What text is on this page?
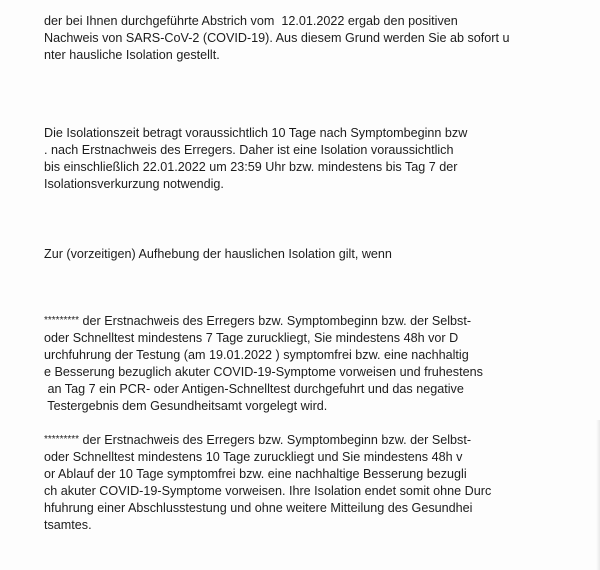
der bei Ihnen durchgeführte Abstrich vom  12.01.2022 ergab den positiven
Nachweis von SARS-CoV-2 (COVID-19). Aus diesem Grund werden Sie ab sofort u
nter hausliche Isolation gestellt.
Die Isolationszeit betragt voraussichtlich 10 Tage nach Symptombeginn bzw
. nach Erstnachweis des Erregers. Daher ist eine Isolation voraussichtlich
bis einschließlich 22.01.2022 um 23:59 Uhr bzw. mindestens bis Tag 7 der
Isolationsverkurzung notwendig.
Zur (vorzeitigen) Aufhebung der hauslichen Isolation gilt, wenn
********* der Erstnachweis des Erregers bzw. Symptombeginn bzw. der Selbst-
oder Schnelltest mindestens 7 Tage zuruckliegt, Sie mindestens 48h vor D
urchfuhrung der Testung (am 19.01.2022 ) symptomfrei bzw. eine nachhaltig
e Besserung bezuglich akuter COVID-19-Symptome vorweisen und fruhestens
an Tag 7 ein PCR- oder Antigen-Schnelltest durchgefuhrt und das negative
Testergebnis dem Gesundheitsamt vorgelegt wird.
********* der Erstnachweis des Erregers bzw. Symptombeginn bzw. der Selbst-
oder Schnelltest mindestens 10 Tage zuruckliegt und Sie mindestens 48h v
or Ablauf der 10 Tage symptomfrei bzw. eine nachhaltige Besserung bezugli
ch akuter COVID-19-Symptome vorweisen. Ihre Isolation endet somit ohne Durc
hfuhrung einer Abschlusstestung und ohne weitere Mitteilung des Gesundhei
tsamtes.
